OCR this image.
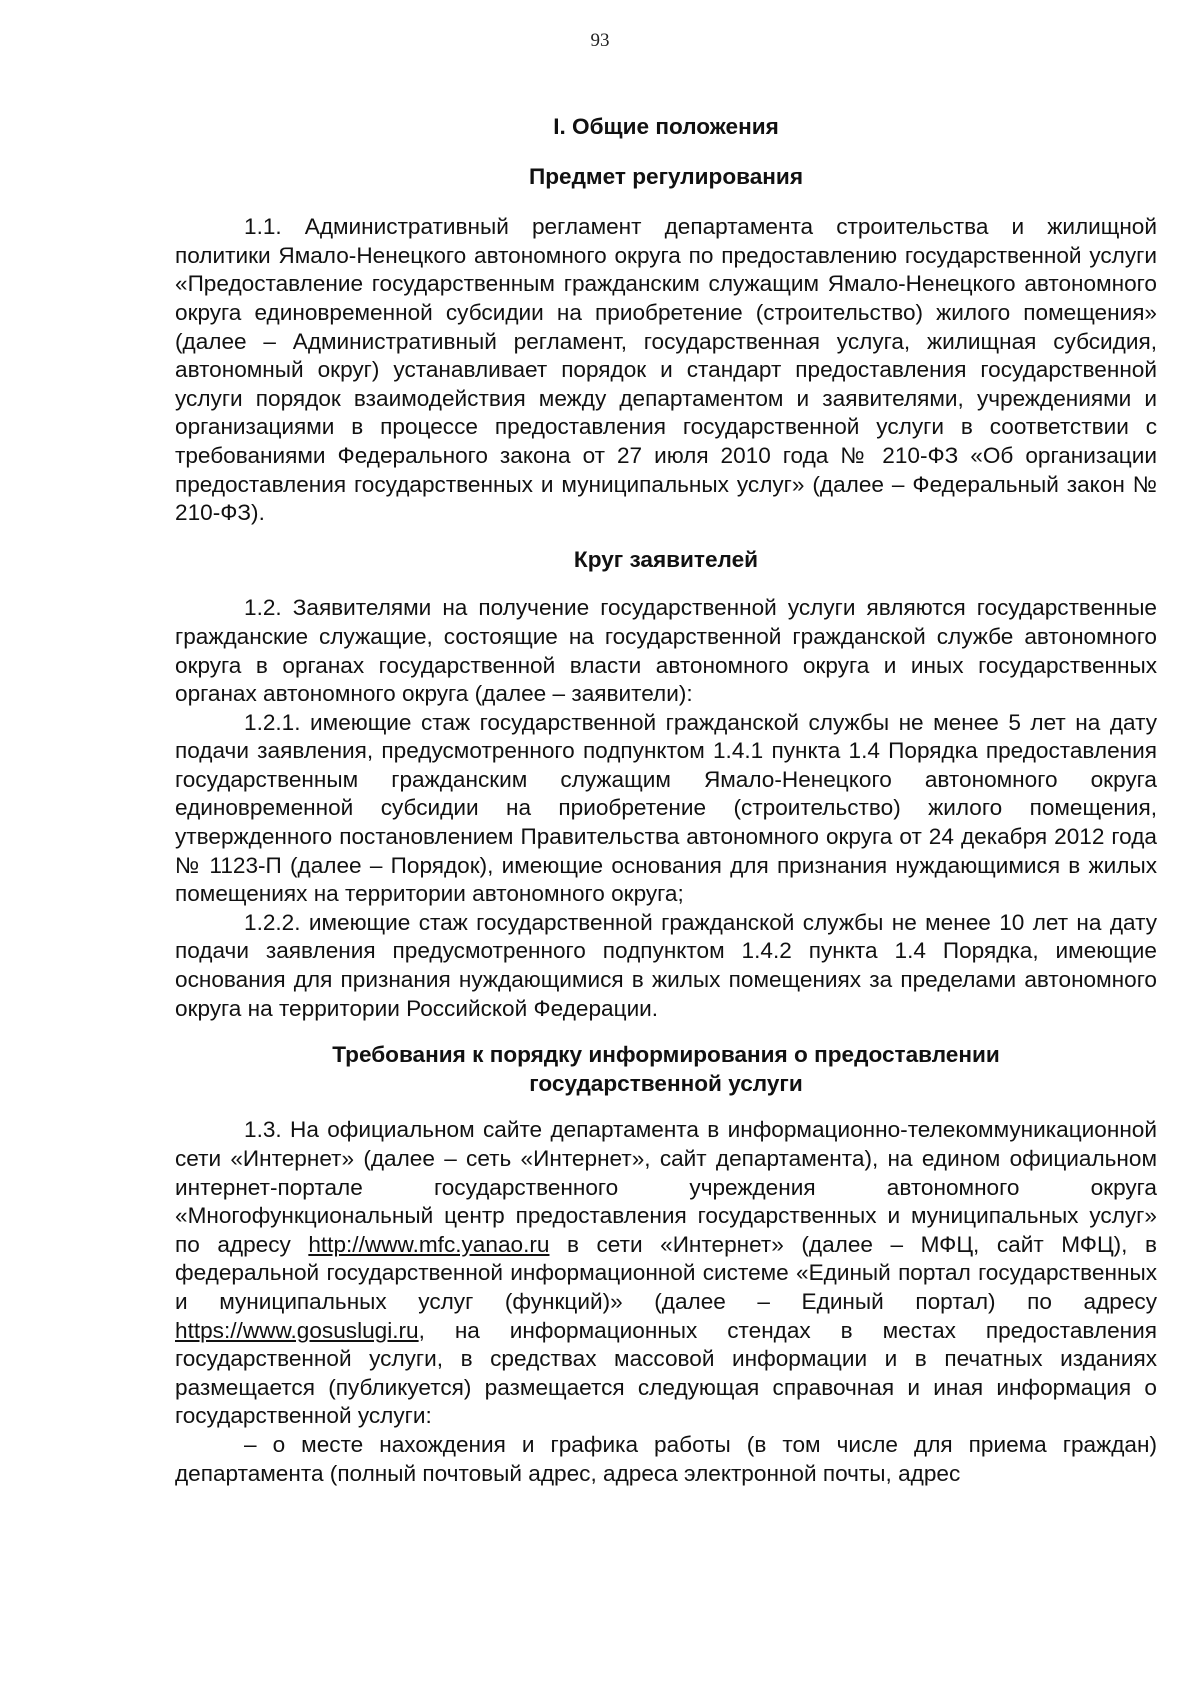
93
I. Общие положения
Предмет регулирования

1.1. Административный регламент департамента строительства и жилищной политики Ямало-Ненецкого автономного округа по предоставлению государственной услуги «Предоставление государственным гражданским служащим Ямало-Ненецкого автономного округа единовременной субсидии на приобретение (строительство) жилого помещения» (далее – Административный регламент, государственная услуга, жилищная субсидия, автономный округ) устанавливает порядок и стандарт предоставления государственной услуги порядок взаимодействия между департаментом и заявителями, учреждениями и организациями в процессе предоставления государственной услуги в соответствии с требованиями Федерального закона от 27 июля 2010 года № 210-ФЗ «Об организации предоставления государственных и муниципальных услуг» (далее – Федеральный закон № 210-ФЗ).

Круг заявителей

1.2. Заявителями на получение государственной услуги являются государственные гражданские служащие, состоящие на государственной гражданской службе автономного округа в органах государственной власти автономного округа и иных государственных органах автономного округа (далее – заявители):

1.2.1. имеющие стаж государственной гражданской службы не менее 5 лет на дату подачи заявления, предусмотренного подпунктом 1.4.1 пункта 1.4 Порядка предоставления государственным гражданским служащим Ямало-Ненецкого автономного округа единовременной субсидии на приобретение (строительство) жилого помещения, утвержденного постановлением Правительства автономного округа от 24 декабря 2012 года № 1123-П (далее – Порядок), имеющие основания для признания нуждающимися в жилых помещениях на территории автономного округа;

1.2.2. имеющие стаж государственной гражданской службы не менее 10 лет на дату подачи заявления предусмотренного подпунктом 1.4.2 пункта 1.4 Порядка, имеющие основания для признания нуждающимися в жилых помещениях за пределами автономного округа на территории Российской Федерации.

Требования к порядку информирования о предоставлении
государственной услуги

1.3. На официальном сайте департамента в информационно-телекоммуникационной сети «Интернет» (далее – сеть «Интернет», сайт департамента), на едином официальном интернет-портале государственного учреждения автономного округа «Многофункциональный центр предоставления государственных и муниципальных услуг» по адресу http://www.mfc.yanao.ru в сети «Интернет» (далее – МФЦ, сайт МФЦ), в федеральной государственной информационной системе «Единый портал государственных и муниципальных услуг (функций)» (далее – Единый портал) по адресу https://www.gosuslugi.ru, на информационных стендах в местах предоставления государственной услуги, в средствах массовой информации и в печатных изданиях размещается (публикуется) размещается следующая справочная и иная информация о государственной услуги:

– о месте нахождения и графика работы (в том числе для приема граждан) департамента (полный почтовый адрес, адреса электронной почты, адрес
